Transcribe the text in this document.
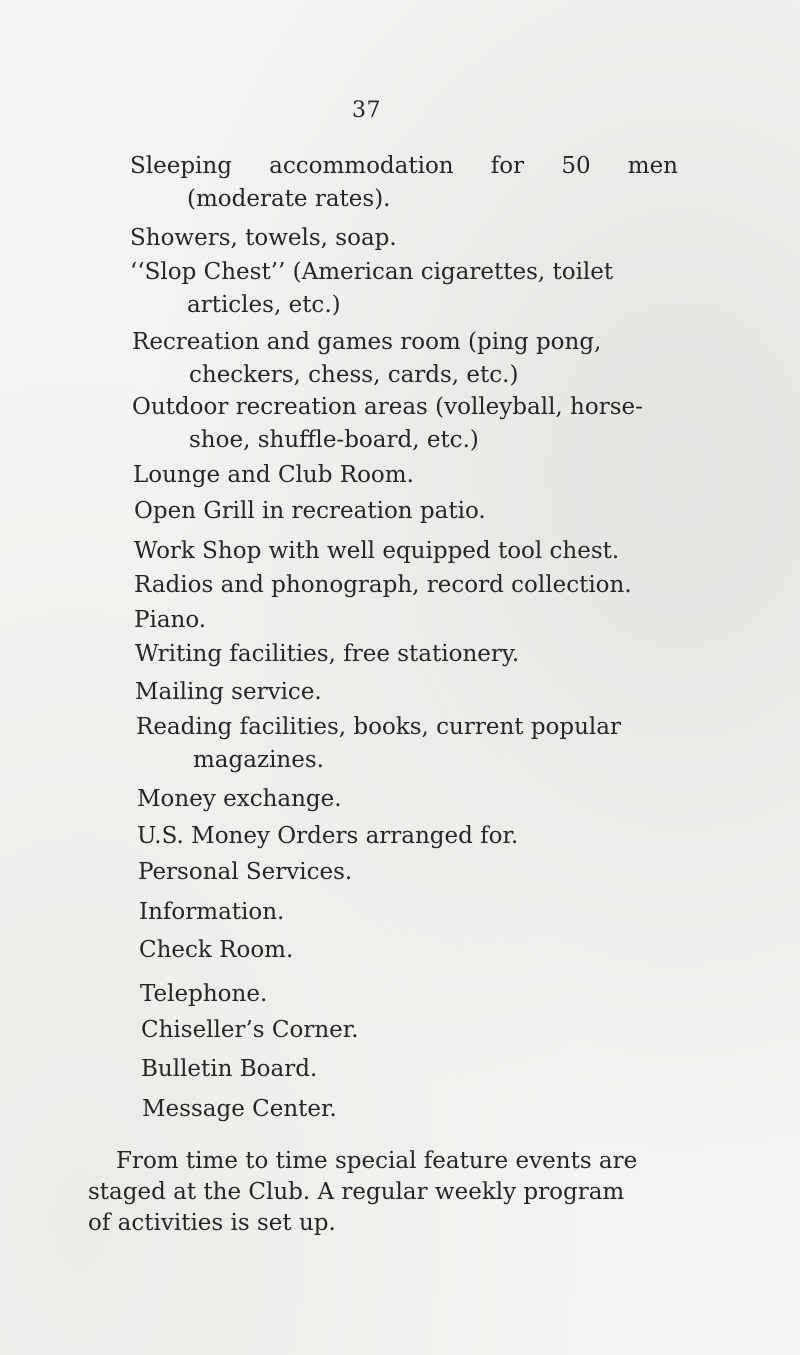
37
Sleeping accommodation for 50 men
(moderate rates).
Showers, towels, soap.
‘‘Slop Chest’’ (American cigarettes, toilet
articles, etc.)
Recreation and games room (ping pong,
checkers, chess, cards, etc.)
Outdoor recreation areas (volleyball, horse-
shoe, shuffle-board, etc.)
Lounge and Club Room.
Open Grill in recreation patio.
Work Shop with well equipped tool chest.
Radios and phonograph, record collection.
Piano.
Writing facilities, free stationery.
Mailing service.
Reading facilities, books, current popular
magazines.
Money exchange.
U.S. Money Orders arranged for.
Personal Services.
Information.
Check Room.
Telephone.
Chiseller’s Corner.
Bulletin Board.
Message Center.
From time to time special feature events are
staged at the Club. A regular weekly program
of activities is set up.
